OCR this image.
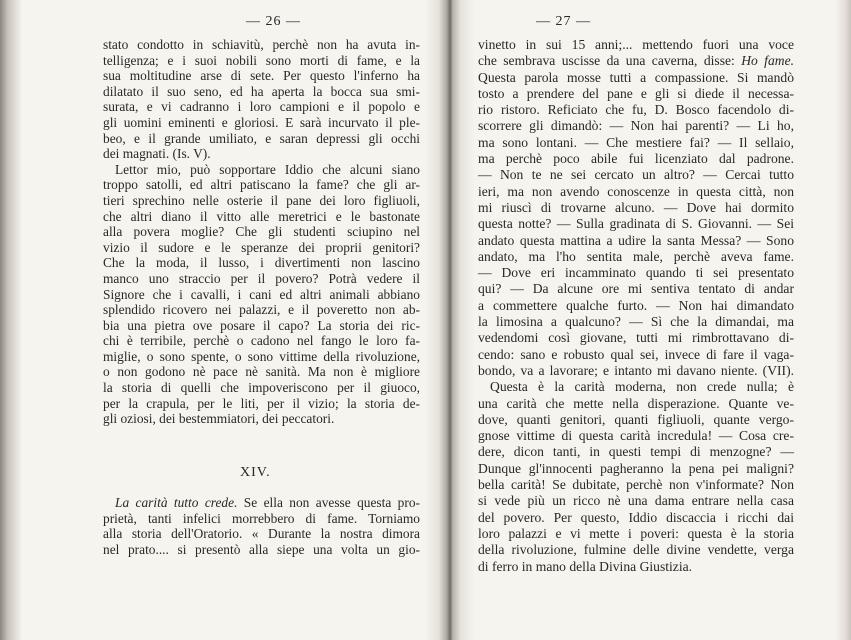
— 26 —
stato condotto in schiavitù, perchè non ha avuta in-
telligenza; e i suoi nobili sono morti di fame, e la
sua moltitudine arse di sete. Per questo l'inferno ha
dilatato il suo seno, ed ha aperta la bocca sua smi-
surata, e vi cadranno i loro campioni e il popolo e
gli uomini eminenti e gloriosi. E sarà incurvato il ple-
beo, e il grande umiliato, e saran depressi gli occhi
dei magnati. (Is. V).
Lettor mio, può sopportare Iddio che alcuni siano
troppo satolli, ed altri patiscano la fame? che gli ar-
tieri sprechino nelle osterie il pane dei loro figliuoli,
che altri diano il vitto alle meretrici e le bastonate
alla povera moglie? Che gli studenti sciupino nel
vizio il sudore e le speranze dei proprii genitori?
Che la moda, il lusso, i divertimenti non lascino
manco uno straccio per il povero? Potrà vedere il
Signore che i cavalli, i cani ed altri animali abbiano
splendido ricovero nei palazzi, e il poveretto non ab-
bia una pietra ove posare il capo? La storia dei ric-
chi è terribile, perchè o cadono nel fango le loro fa-
miglie, o sono spente, o sono vittime della rivoluzione,
o non godono nè pace nè sanità. Ma non è migliore
la storia di quelli che impoveriscono per il giuoco,
per la crapula, per le liti, per il vizio; la storia de-
gli oziosi, dei bestemmiatori, dei peccatori.
XIV.
La carità tutto crede. Se ella non avesse questa pro-
prietà, tanti infelici morrebbero di fame. Torniamo
alla storia dell'Oratorio. « Durante la nostra dimora
nel prato.... si presentò alla siepe una volta un gio-
— 27 —
vinetto in sui 15 anni;... mettendo fuori una voce
che sembrava uscisse da una caverna, disse: Ho fame.
Questa parola mosse tutti a compassione. Si mandò
tosto a prendere del pane e gli si diede il necessa-
rio ristoro. Reficiato che fu, D. Bosco facendolo di-
scorrere gli dimandò: — Non hai parenti? — Li ho,
ma sono lontani. — Che mestiere fai? — Il sellaio,
ma perchè poco abile fui licenziato dal padrone.
— Non te ne sei cercato un altro? — Cercai tutto
ieri, ma non avendo conoscenze in questa città, non
mi riuscì di trovarne alcuno. — Dove hai dormito
questa notte? — Sulla gradinata di S. Giovanni. — Sei
andato questa mattina a udire la santa Messa? — Sono
andato, ma l'ho sentita male, perchè aveva fame.
— Dove eri incamminato quando ti sei presentato
qui? — Da alcune ore mi sentiva tentato di andar
a commettere qualche furto. — Non hai dimandato
la limosina a qualcuno? — Sì che la dimandai, ma
vedendomi così giovane, tutti mi rimbrottavano di-
cendo: sano e robusto qual sei, invece di fare il vaga-
bondo, va a lavorare; e intanto mi davano niente. (VII).
Questa è la carità moderna, non crede nulla; è
una carità che mette nella disperazione. Quante ve-
dove, quanti genitori, quanti figliuoli, quante vergo-
gnose vittime di questa carità incredula! — Cosa cre-
dere, dicon tanti, in questi tempi di menzogne? —
Dunque gl'innocenti pagheranno la pena pei maligni?
bella carità! Se dubitate, perchè non v'informate? Non
si vede più un ricco nè una dama entrare nella casa
del povero. Per questo, Iddio discaccia i ricchi dai
loro palazzi e vi mette i poveri: questa è la storia
della rivoluzione, fulmine delle divine vendette, verga
di ferro in mano della Divina Giustizia.
